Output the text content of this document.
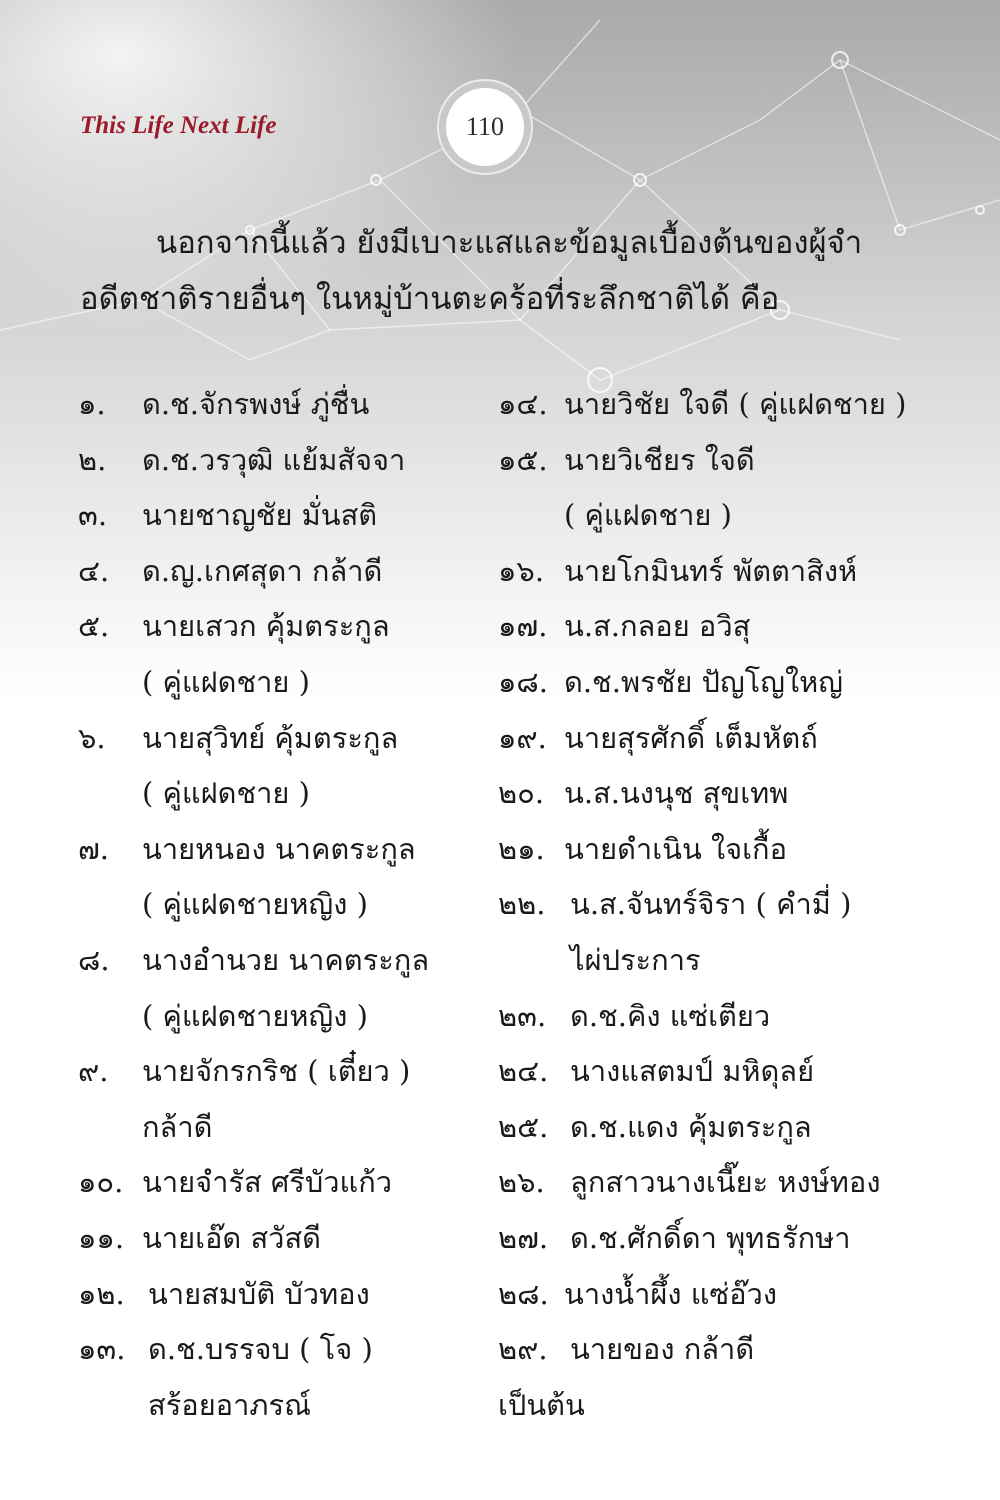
This Life Next Life	110

นอกจากนี้แล้ว ยังมีเบาะแสและข้อมูลเบื้องต้นของผู้จำ
อดีตชาติรายอื่นๆ ในหมู่บ้านตะคร้อที่ระลึกชาติได้ คือ

๑.	ด.ช.จักรพงษ์ ภู่ชื่น
๒.	ด.ช.วรวุฒิ แย้มสัจจา
๓.	นายชาญชัย มั่นสติ
๔.	ด.ญ.เกศสุดา กล้าดี
๕.	นายเสวก คุ้มตระกูล
( คู่แฝดชาย )
๖.	นายสุวิทย์ คุ้มตระกูล
( คู่แฝดชาย )
๗.	นายหนอง นาคตระกูล
( คู่แฝดชายหญิง )
๘.	นางอำนวย นาคตระกูล
( คู่แฝดชายหญิง )
๙.	นายจักรกริช ( เตี๋ยว )
กล้าดี
๑๐. นายจำรัส ศรีบัวแก้ว
๑๑. นายเอ๊ด สวัสดี
๑๒. นายสมบัติ บัวทอง
๑๓. ด.ช.บรรจบ ( โจ )
สร้อยอาภรณ์
๑๔. นายวิชัย ใจดี ( คู่แฝดชาย )
๑๕. นายวิเชียร ใจดี
( คู่แฝดชาย )
๑๖. นายโกมินทร์ พัตตาสิงห์
๑๗. น.ส.กลอย อวิสุ
๑๘. ด.ช.พรชัย ปัญโญใหญ่
๑๙. นายสุรศักดิ์ เต็มหัตถ์
๒๐. น.ส.นงนุช สุขเทพ
๒๑. นายดำเนิน ใจเกื้อ
๒๒. น.ส.จันทร์จิรา ( คำมี่ )
ไผ่ประการ
๒๓. ด.ช.คิง แซ่เตียว
๒๔. นางแสตมป์ มหิดุลย์
๒๕. ด.ช.แดง คุ้มตระกูล
๒๖. ลูกสาวนางเนี๊ยะ หงษ์ทอง
๒๗. ด.ช.ศักดิ์ดา พุทธรักษา
๒๘. นางน้ำผึ้ง แซ่อ๊วง
๒๙. นายของ กล้าดี
เป็นต้น
